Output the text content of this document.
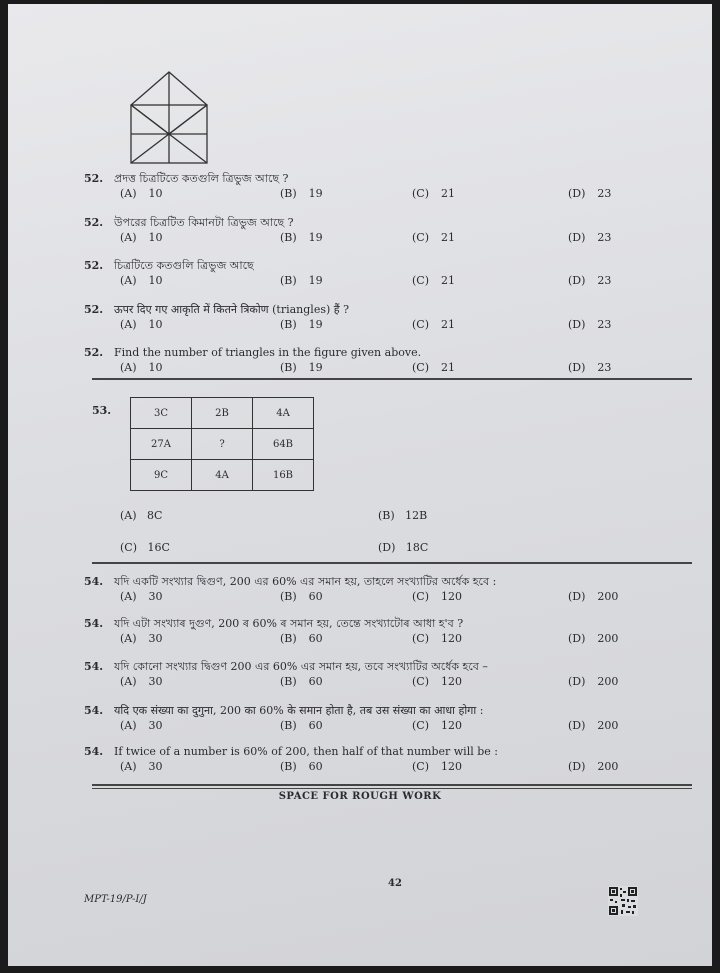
52. প্রদত্ত চিত্রটিতে কতগুলি ত্রিভুজ আছে ?
(A) 10	(B) 19	(C) 21	(D) 23
52. উপরের চিত্রটিত কিমানটা ত্রিভুজ আছে ?
(A) 10	(B) 19	(C) 21	(D) 23
52. চিত্রটিতে কতগুলি ত্রিভুজ আছে
(A) 10	(B) 19	(C) 21	(D) 23
52. ऊपर दिए गए आकृति में कितने त्रिकोण (triangles) हैं ?
(A) 10	(B) 19	(C) 21	(D) 23
52. Find the number of triangles in the figure given above.
(A) 10	(B) 19	(C) 21	(D) 23
53.	3C	2B	4A
27A	?	64B
9C	4A	16B
(A) 8C	(B) 12B
(C) 16C	(D) 18C
54. যদি একটি সংখ্যার দ্বিগুণ, 200 এর 60% এর সমান হয়, তাহলে সংখ্যাটির অর্ধেক হবে :
(A) 30	(B) 60	(C) 120	(D) 200
54. যদি এটা সংখ্যাৰ দুগুণ, 200 ৰ 60% ৰ সমান হয়, তেন্তে সংখ্যাটোৰ আধা হ'ব ?
(A) 30	(B) 60	(C) 120	(D) 200
54. যদি কোনো সংখ্যার দ্বিগুণ 200 এর 60% এর সমান হয়, তবে সংখ্যাটির অর্ধেক হবে –
(A) 30	(B) 60	(C) 120	(D) 200
54. यदि एक संख्या का दुगुना, 200 का 60% के समान होता है, तब उस संख्या का आधा होगा :
(A) 30	(B) 60	(C) 120	(D) 200
54. If twice of a number is 60% of 200, then half of that number will be :
(A) 30	(B) 60	(C) 120	(D) 200
SPACE FOR ROUGH WORK
42
MPT-19/P-I/J
